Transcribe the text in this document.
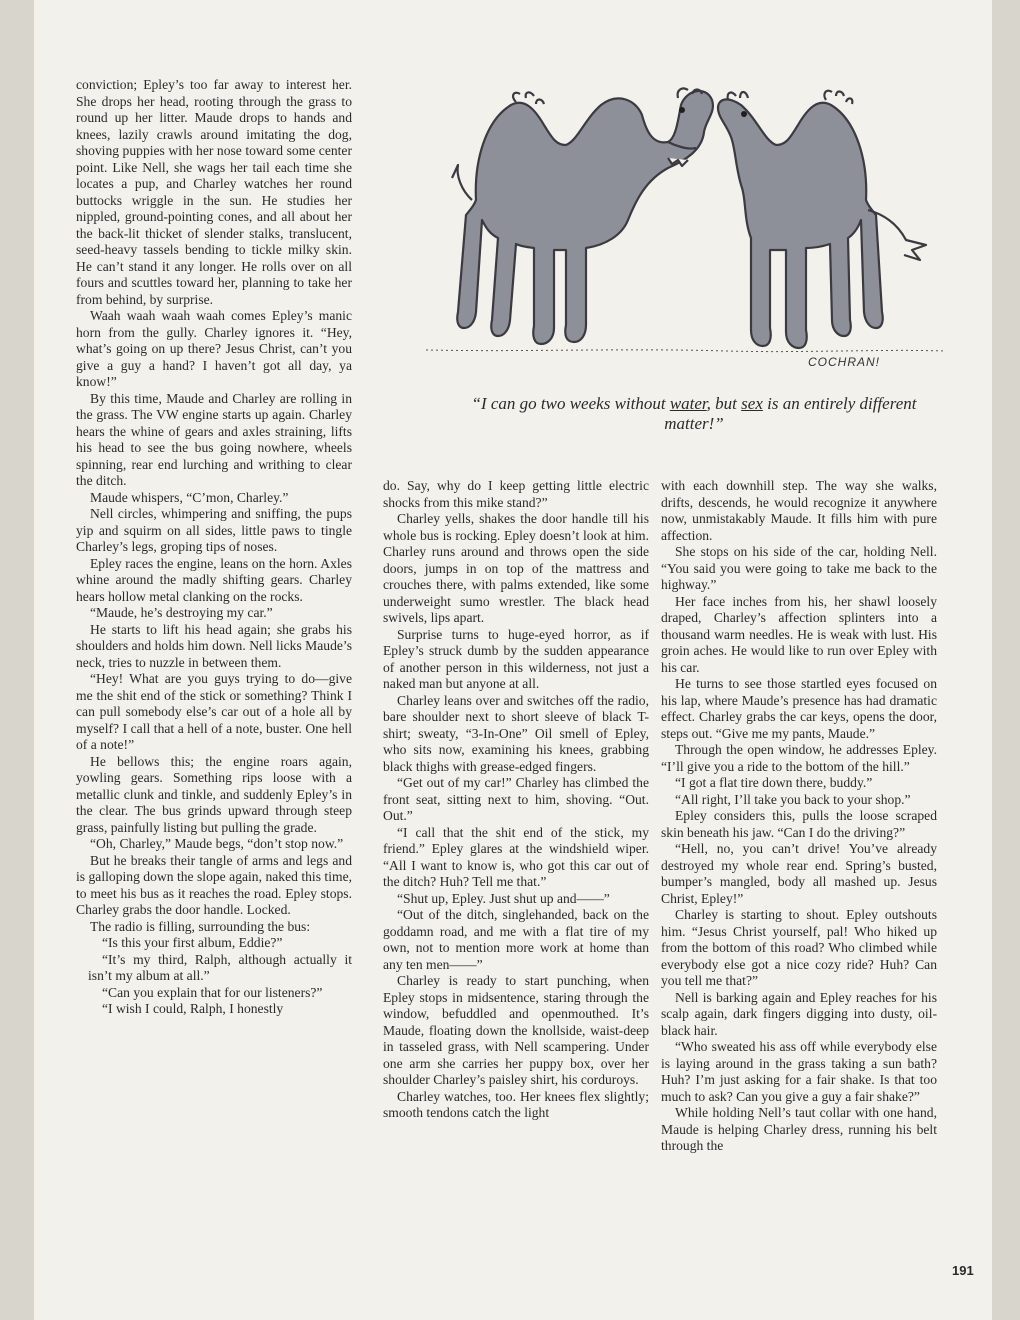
COCHRAN!
“I can go two weeks without water, but sex is an entirely different matter!”

conviction; Epley’s too far away to interest her. She drops her head, rooting through the grass to round up her litter. Maude drops to hands and knees, lazily crawls around imitating the dog, shoving puppies with her nose toward some center point. Like Nell, she wags her tail each time she locates a pup, and Charley watches her round buttocks wriggle in the sun. He studies her nippled, ground-pointing cones, and all about her the back-lit thicket of slender stalks, translucent, seed-heavy tassels bending to tickle milky skin. He can’t stand it any longer. He rolls over on all fours and scuttles toward her, planning to take her from behind, by surprise.

Waah waah waah waah comes Epley’s manic horn from the gully. Charley ignores it. “Hey, what’s going on up there? Jesus Christ, can’t you give a guy a hand? I haven’t got all day, ya know!”

By this time, Maude and Charley are rolling in the grass. The VW engine starts up again. Charley hears the whine of gears and axles straining, lifts his head to see the bus going nowhere, wheels spinning, rear end lurching and writhing to clear the ditch.

Maude whispers, “C’mon, Charley.”

Nell circles, whimpering and sniffing, the pups yip and squirm on all sides, little paws to tingle Charley’s legs, groping tips of noses.

Epley races the engine, leans on the horn. Axles whine around the madly shifting gears. Charley hears hollow metal clanking on the rocks.

“Maude, he’s destroying my car.”

He starts to lift his head again; she grabs his shoulders and holds him down. Nell licks Maude’s neck, tries to nuzzle in between them.

“Hey! What are you guys trying to do—give me the shit end of the stick or something? Think I can pull somebody else’s car out of a hole all by myself? I call that a hell of a note, buster. One hell of a note!”

He bellows this; the engine roars again, yowling gears. Something rips loose with a metallic clunk and tinkle, and suddenly Epley’s in the clear. The bus grinds upward through steep grass, painfully listing but pulling the grade.

“Oh, Charley,” Maude begs, “don’t stop now.”

But he breaks their tangle of arms and legs and is galloping down the slope again, naked this time, to meet his bus as it reaches the road. Epley stops. Charley grabs the door handle. Locked.

The radio is filling, surrounding the bus:

“Is this your first album, Eddie?”

“It’s my third, Ralph, although actually it isn’t my album at all.”

“Can you explain that for our listeners?”

“I wish I could, Ralph, I honestly

do. Say, why do I keep getting little electric shocks from this mike stand?”

Charley yells, shakes the door handle till his whole bus is rocking. Epley doesn’t look at him. Charley runs around and throws open the side doors, jumps in on top of the mattress and crouches there, with palms extended, like some underweight sumo wrestler. The black head swivels, lips apart.

Surprise turns to huge-eyed horror, as if Epley’s struck dumb by the sudden appearance of another person in this wilderness, not just a naked man but anyone at all.

Charley leans over and switches off the radio, bare shoulder next to short sleeve of black T-shirt; sweaty, “3-In-One” Oil smell of Epley, who sits now, examining his knees, grabbing black thighs with grease-edged fingers.

“Get out of my car!” Charley has climbed the front seat, sitting next to him, shoving. “Out. Out.”

“I call that the shit end of the stick, my friend.” Epley glares at the windshield wiper. “All I want to know is, who got this car out of the ditch? Huh? Tell me that.”

“Shut up, Epley. Just shut up and——”

“Out of the ditch, singlehanded, back on the goddamn road, and me with a flat tire of my own, not to mention more work at home than any ten men——”

Charley is ready to start punching, when Epley stops in midsentence, staring through the window, befuddled and openmouthed. It’s Maude, floating down the knollside, waist-deep in tasseled grass, with Nell scampering. Under one arm she carries her puppy box, over her shoulder Charley’s paisley shirt, his corduroys.

Charley watches, too. Her knees flex slightly; smooth tendons catch the light

with each downhill step. The way she walks, drifts, descends, he would recognize it anywhere now, unmistakably Maude. It fills him with pure affection.

She stops on his side of the car, holding Nell. “You said you were going to take me back to the highway.”

Her face inches from his, her shawl loosely draped, Charley’s affection splinters into a thousand warm needles. He is weak with lust. His groin aches. He would like to run over Epley with his car.

He turns to see those startled eyes focused on his lap, where Maude’s presence has had dramatic effect. Charley grabs the car keys, opens the door, steps out. “Give me my pants, Maude.”

Through the open window, he addresses Epley. “I’ll give you a ride to the bottom of the hill.”

“I got a flat tire down there, buddy.”

“All right, I’ll take you back to your shop.”

Epley considers this, pulls the loose scraped skin beneath his jaw. “Can I do the driving?”

“Hell, no, you can’t drive! You’ve already destroyed my whole rear end. Spring’s busted, bumper’s mangled, body all mashed up. Jesus Christ, Epley!”

Charley is starting to shout. Epley outshouts him. “Jesus Christ yourself, pal! Who hiked up from the bottom of this road? Who climbed while everybody else got a nice cozy ride? Huh? Can you tell me that?”

Nell is barking again and Epley reaches for his scalp again, dark fingers digging into dusty, oil-black hair.

“Who sweated his ass off while everybody else is laying around in the grass taking a sun bath? Huh? I’m just asking for a fair shake. Is that too much to ask? Can you give a guy a fair shake?”

While holding Nell’s taut collar with one hand, Maude is helping Charley dress, running his belt through the

191
